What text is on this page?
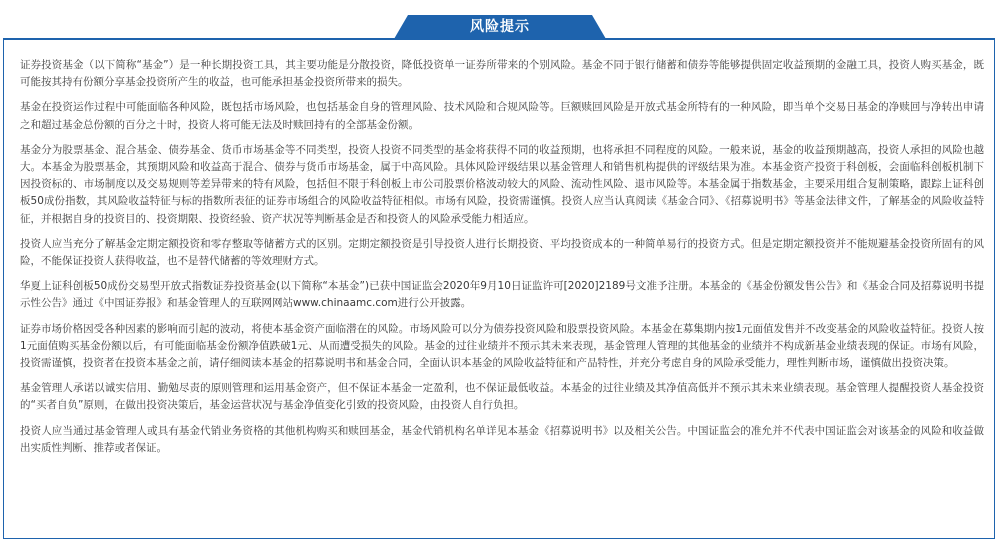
风险提示

证券投资基金（以下简称“基金”）是一种长期投资工具，其主要功能是分散投资，降低投资单一证券所带来的个别风险。基金不同于银行储蓄和债券等能够提供固定收益预期的金融工具，投资人购买基金，既可能按其持有份额分享基金投资所产生的收益，也可能承担基金投资所带来的损失。

基金在投资运作过程中可能面临各种风险，既包括市场风险，也包括基金自身的管理风险、技术风险和合规风险等。巨额赎回风险是开放式基金所特有的一种风险，即当单个交易日基金的净赎回与净转出申请之和超过基金总份额的百分之十时，投资人将可能无法及时赎回持有的全部基金份额。

基金分为股票基金、混合基金、债券基金、货币市场基金等不同类型，投资人投资不同类型的基金将获得不同的收益预期，也将承担不同程度的风险。一般来说，基金的收益预期越高，投资人承担的风险也越大。本基金为股票基金，其预期风险和收益高于混合、债券与货币市场基金，属于中高风险。具体风险评级结果以基金管理人和销售机构提供的评级结果为准。本基金资产投资于科创板，会面临科创板机制下因投资标的、市场制度以及交易规则等差异带来的特有风险，包括但不限于科创板上市公司股票价格波动较大的风险、流动性风险、退市风险等。本基金属于指数基金，主要采用组合复制策略，跟踪上证科创板50成份指数，其风险收益特征与标的指数所表征的证券市场组合的风险收益特征相似。市场有风险，投资需谨慎。投资人应当认真阅读《基金合同》、《招募说明书》等基金法律文件，了解基金的风险收益特征，并根据自身的投资目的、投资期限、投资经验、资产状况等判断基金是否和投资人的风险承受能力相适应。

投资人应当充分了解基金定期定额投资和零存整取等储蓄方式的区别。定期定额投资是引导投资人进行长期投资、平均投资成本的一种简单易行的投资方式。但是定期定额投资并不能规避基金投资所固有的风险，不能保证投资人获得收益，也不是替代储蓄的等效理财方式。

华夏上证科创板50成份交易型开放式指数证券投资基金(以下简称“本基金”)已获中国证监会2020年9月10日证监许可[2020]2189号文准予注册。本基金的《基金份额发售公告》和《基金合同及招募说明书提示性公告》通过《中国证券报》和基金管理人的互联网网站www.chinaamc.com进行公开披露。

证券市场价格因受各种因素的影响而引起的波动，将使本基金资产面临潜在的风险。市场风险可以分为债券投资风险和股票投资风险。本基金在募集期内按1元面值发售并不改变基金的风险收益特征。投资人按1元面值购买基金份额以后，有可能面临基金份额净值跌破1元、从而遭受损失的风险。基金的过往业绩并不预示其未来表现，基金管理人管理的其他基金的业绩并不构成新基金业绩表现的保证。市场有风险，投资需谨慎，投资者在投资本基金之前，请仔细阅读本基金的招募说明书和基金合同，全面认识本基金的风险收益特征和产品特性，并充分考虑自身的风险承受能力，理性判断市场，谨慎做出投资决策。

基金管理人承诺以诚实信用、勤勉尽责的原则管理和运用基金资产，但不保证本基金一定盈利，也不保证最低收益。本基金的过往业绩及其净值高低并不预示其未来业绩表现。基金管理人提醒投资人基金投资的“买者自负”原则，在做出投资决策后，基金运营状况与基金净值变化引致的投资风险，由投资人自行负担。

投资人应当通过基金管理人或具有基金代销业务资格的其他机构购买和赎回基金，基金代销机构名单详见本基金《招募说明书》以及相关公告。中国证监会的准允并不代表中国证监会对该基金的风险和收益做出实质性判断、推荐或者保证。
